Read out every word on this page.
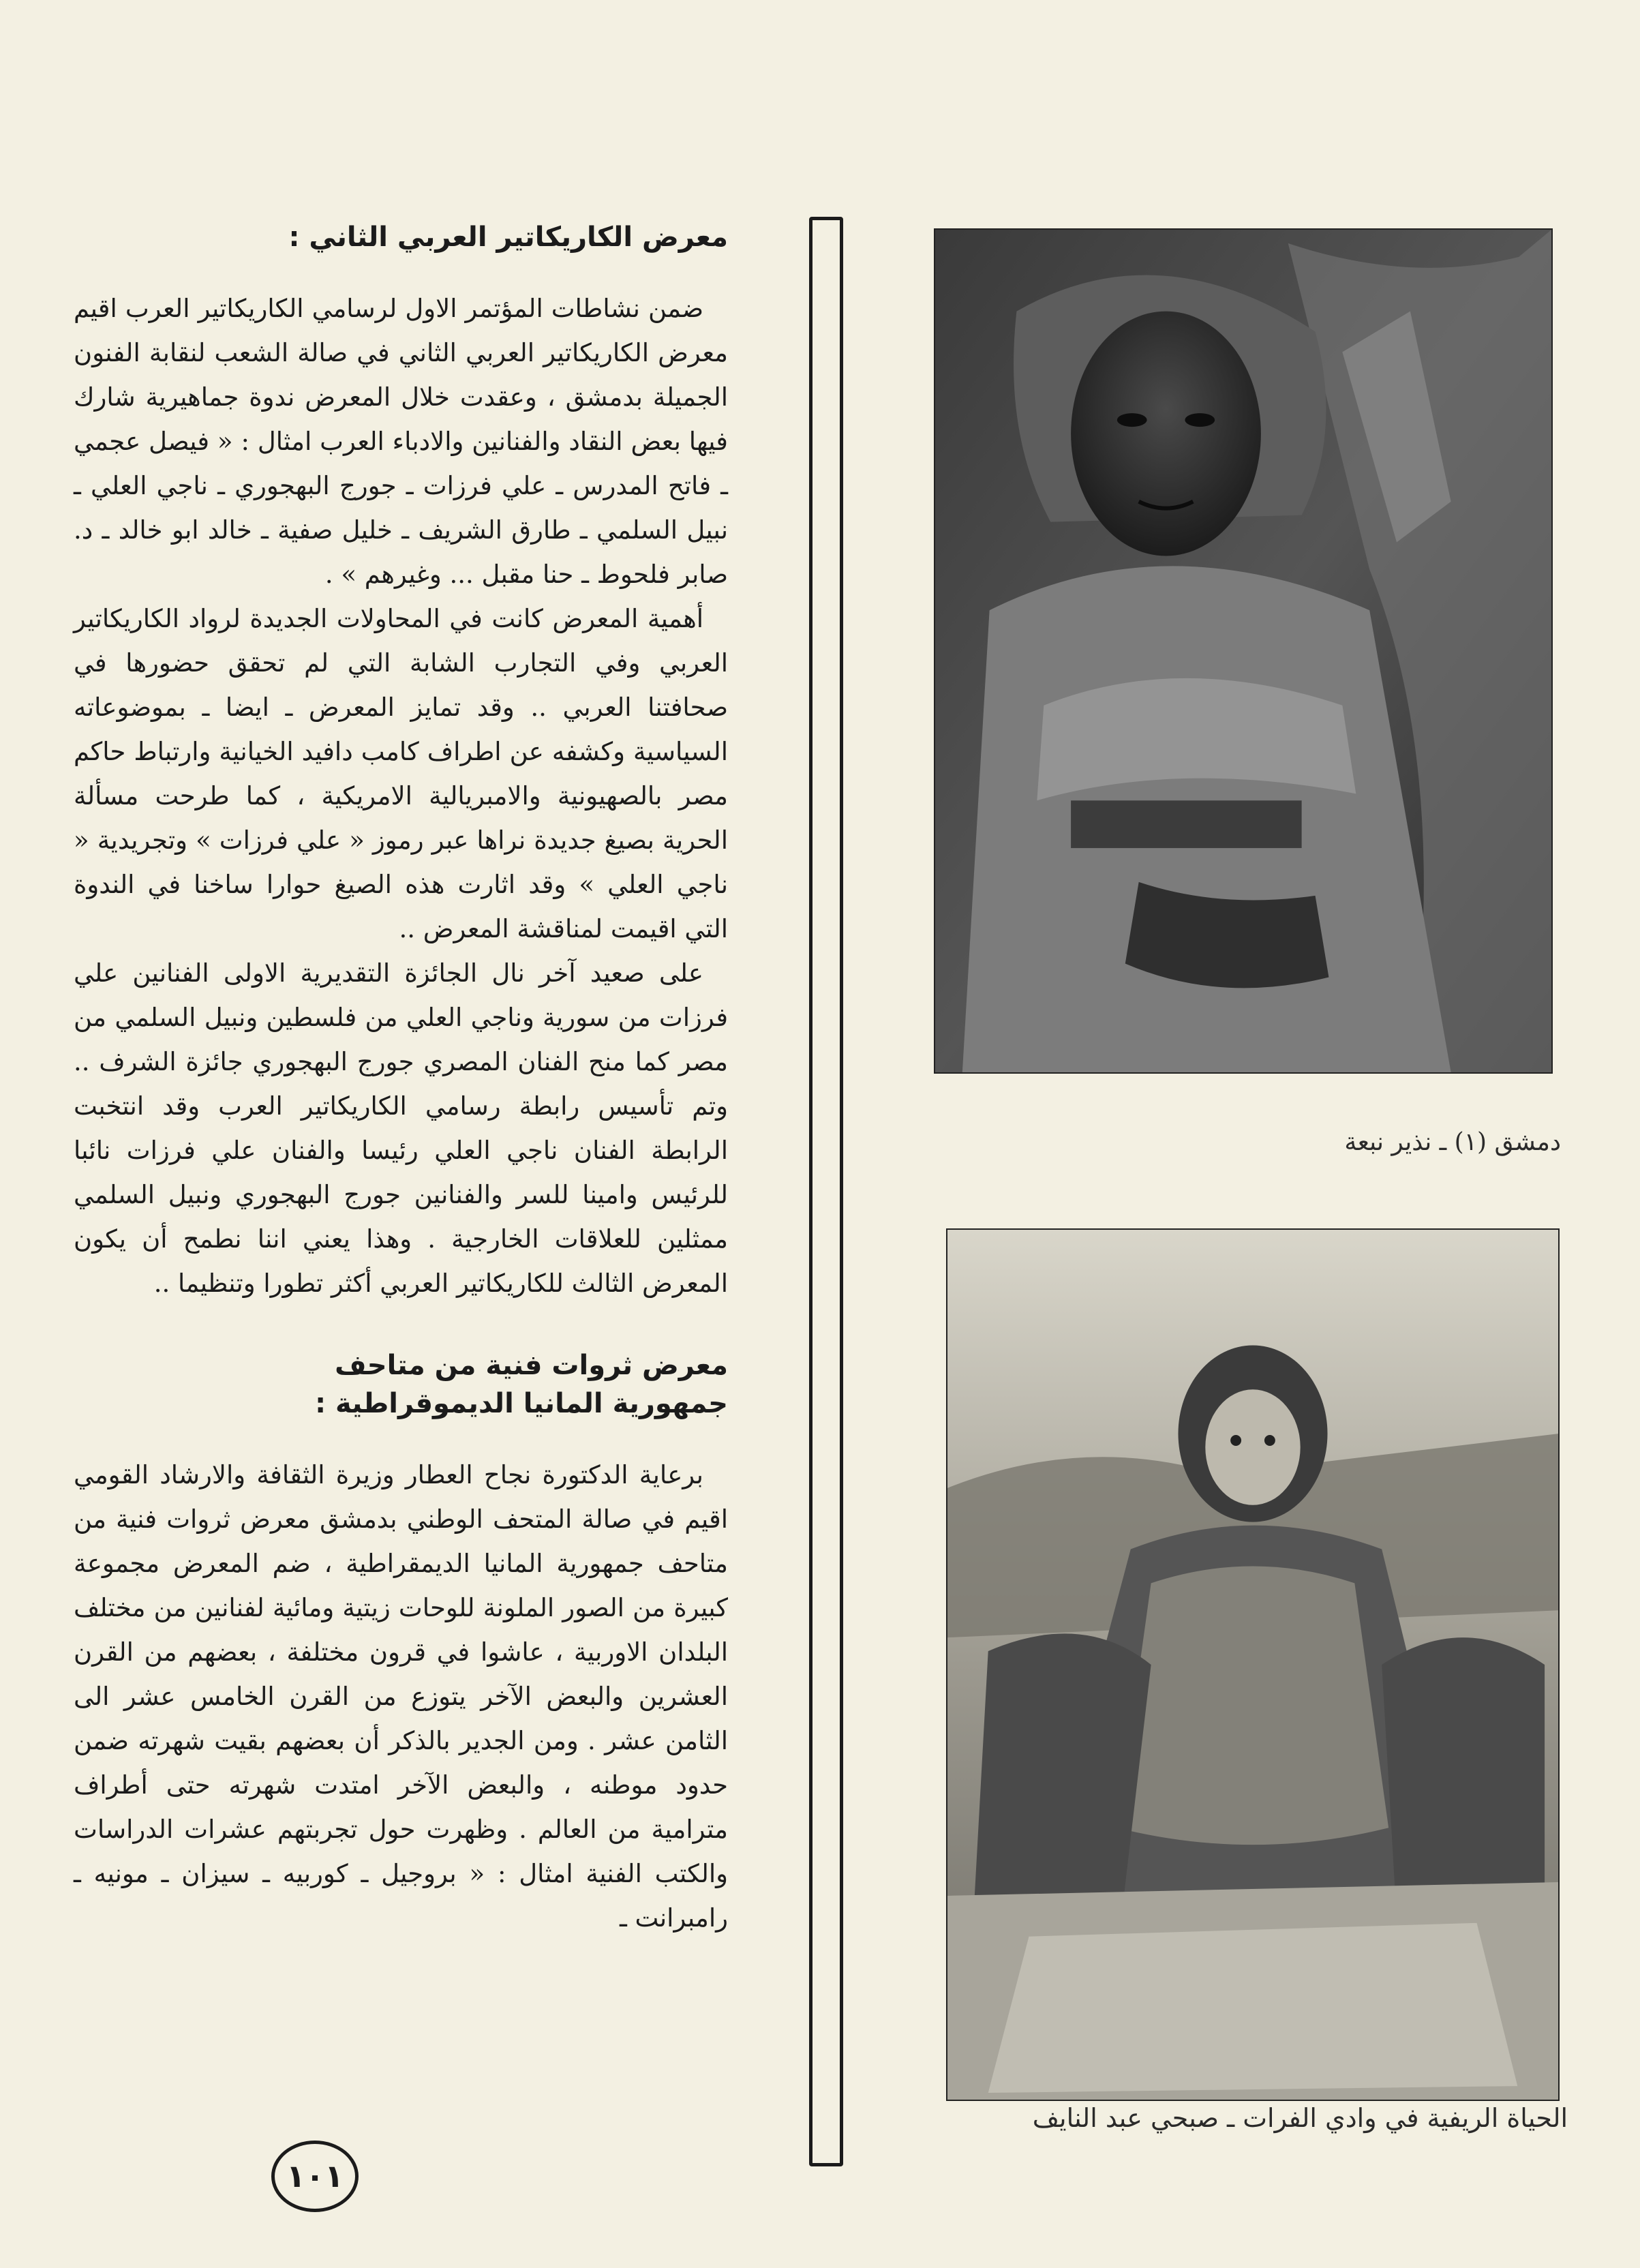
معرض الكاريكاتير العربي الثاني :

ضمن نشاطات المؤتمر الاول لرسامي الكاريكاتير العرب اقيم معرض الكاريكاتير العربي الثاني في صالة الشعب لنقابة الفنون الجميلة بدمشق ، وعقدت خلال المعرض ندوة جماهيرية شارك فيها بعض النقاد والفنانين والادباء العرب امثال : « فيصل عجمي ـ فاتح المدرس ـ علي فرزات ـ جورج البهجوري ـ ناجي العلي ـ نبيل السلمي ـ طارق الشريف ـ خليل صفية ـ خالد ابو خالد ـ د. صابر فلحوط ـ حنا مقبل ... وغيرهم » .

أهمية المعرض كانت في المحاولات الجديدة لرواد الكاريكاتير العربي وفي التجارب الشابة التي لم تحقق حضورها في صحافتنا العربي .. وقد تمايز المعرض ـ ايضا ـ بموضوعاته السياسية وكشفه عن اطراف كامب دافيد الخيانية وارتباط حاكم مصر بالصهيونية والامبريالية الامريكية ، كما طرحت مسألة الحرية بصيغ جديدة نراها عبر رموز « علي فرزات » وتجريدية « ناجي العلي » وقد اثارت هذه الصيغ حوارا ساخنا في الندوة التي اقيمت لمناقشة المعرض ..

على صعيد آخر نال الجائزة التقديرية الاولى الفنانين علي فرزات من سورية وناجي العلي من فلسطين ونبيل السلمي من مصر كما منح الفنان المصري جورج البهجوري جائزة الشرف .. وتم تأسيس رابطة رسامي الكاريكاتير العرب وقد انتخبت الرابطة الفنان ناجي العلي رئيسا والفنان علي فرزات نائبا للرئيس وامينا للسر والفنانين جورج البهجوري ونبيل السلمي ممثلين للعلاقات الخارجية . وهذا يعني اننا نطمح أن يكون المعرض الثالث للكاريكاتير العربي أكثر تطورا وتنظيما ..

معرض ثروات فنية من متاحف
جمهورية المانيا الديموقراطية :

برعاية الدكتورة نجاح العطار وزيرة الثقافة والارشاد القومي اقيم في صالة المتحف الوطني بدمشق معرض ثروات فنية من متاحف جمهورية المانيا الديمقراطية ، ضم المعرض مجموعة كبيرة من الصور الملونة للوحات زيتية ومائية لفنانين من مختلف البلدان الاوربية ، عاشوا في قرون مختلفة ، بعضهم من القرن العشرين والبعض الآخر يتوزع من القرن الخامس عشر الى الثامن عشر . ومن الجدير بالذكر أن بعضهم بقيت شهرته ضمن حدود موطنه ، والبعض الآخر امتدت شهرته حتى أطراف مترامية من العالم . وظهرت حول تجربتهم عشرات الدراسات والكتب الفنية امثال : « بروجيل ـ كوربيه ـ سيزان ـ مونيه ـ رامبرانت ـ

دمشق (١) ـ نذير نبعة
الحياة الريفية في وادي الفرات ـ صبحي عبد النايف
١٠١
